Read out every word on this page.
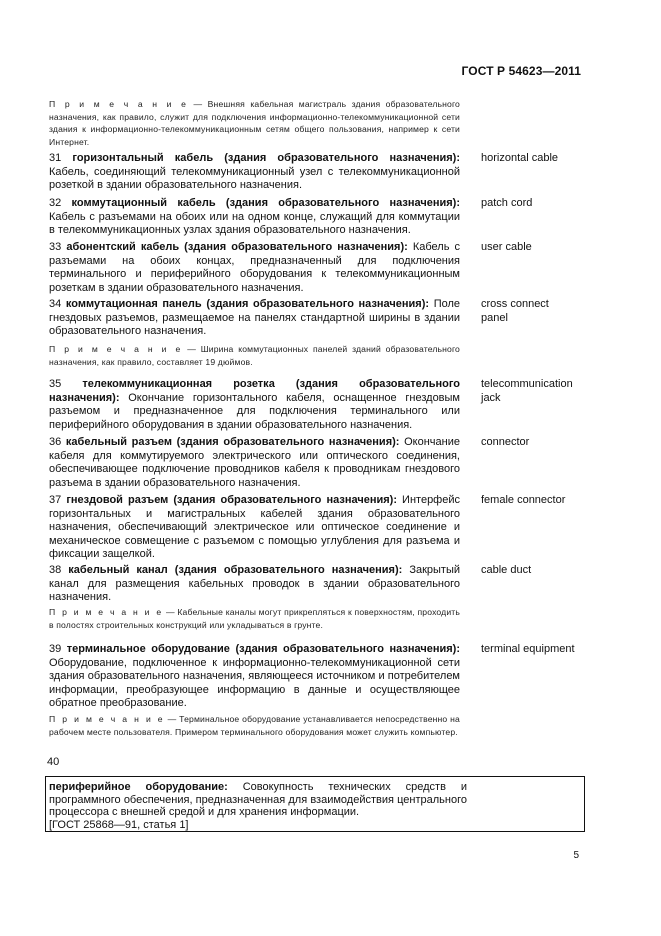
ГОСТ Р 54623—2011
П р и м е ч а н и е — Внешняя кабельная магистраль здания образовательного назначения, как правило, служит для подключения информационно-телекоммуникационной сети здания к информационно-телекоммуникационным сетям общего пользования, например к сети Интернет.
31 горизонтальный кабель (здания образовательного назначения): Кабель, соединяющий телекоммуникационный узел с телекоммуникационной розеткой в здании образовательного назначения.
horizontal cable
32 коммутационный кабель (здания образовательного назначения): Кабель с разъемами на обоих или на одном конце, служащий для коммутации в телекоммуникационных узлах здания образовательного назначения.
patch cord
33 абонентский кабель (здания образовательного назначения): Кабель с разъемами на обоих концах, предназначенный для подключения терминального и периферийного оборудования к телекоммуникационным розеткам в здании образовательного назначения.
user cable
34 коммутационная панель (здания образовательного назначения): Поле гнездовых разъемов, размещаемое на панелях стандартной ширины в здании образовательного назначения.
cross connect
panel
П р и м е ч а н и е — Ширина коммутационных панелей зданий образовательного назначения, как правило, составляет 19 дюймов.
35 телекоммуникационная розетка (здания образовательного назначения): Окончание горизонтального кабеля, оснащенное гнездовым разъемом и предназначенное для подключения терминального или периферийного оборудования в здании образовательного назначения.
telecommunication
jack
36 кабельный разъем (здания образовательного назначения): Окончание кабеля для коммутируемого электрического или оптического соединения, обеспечивающее подключение проводников кабеля к проводникам гнездового разъема в здании образовательного назначения.
connector
37 гнездовой разъем (здания образовательного назначения): Интерфейс горизонтальных и магистральных кабелей здания образовательного назначения, обеспечивающий электрическое или оптическое соединение и механическое совмещение с разъемом с помощью углубления для разъема и фиксации защелкой.
female connector
38 кабельный канал (здания образовательного назначения): Закрытый канал для размещения кабельных проводок в здании образовательного назначения.
cable duct
П р и м е ч а н и е — Кабельные каналы могут прикрепляться к поверхностям, проходить в полостях строительных конструкций или укладываться в грунте.
39 терминальное оборудование (здания образовательного назначения): Оборудование, подключенное к информационно-телекоммуникационной сети здания образовательного назначения, являющееся источником и потребителем информации, преобразующее информацию в данные и осуществляющее обратное преобразование.
terminal equipment
П р и м е ч а н и е — Терминальное оборудование устанавливается непосредственно на рабочем месте пользователя. Примером терминального оборудования может служить компьютер.
40
периферийное оборудование: Совокупность технических средств и программного обеспечения, предназначенная для взаимодействия центрального процессора с внешней средой и для хранения информации.
[ГОСТ 25868—91, статья 1]
5
